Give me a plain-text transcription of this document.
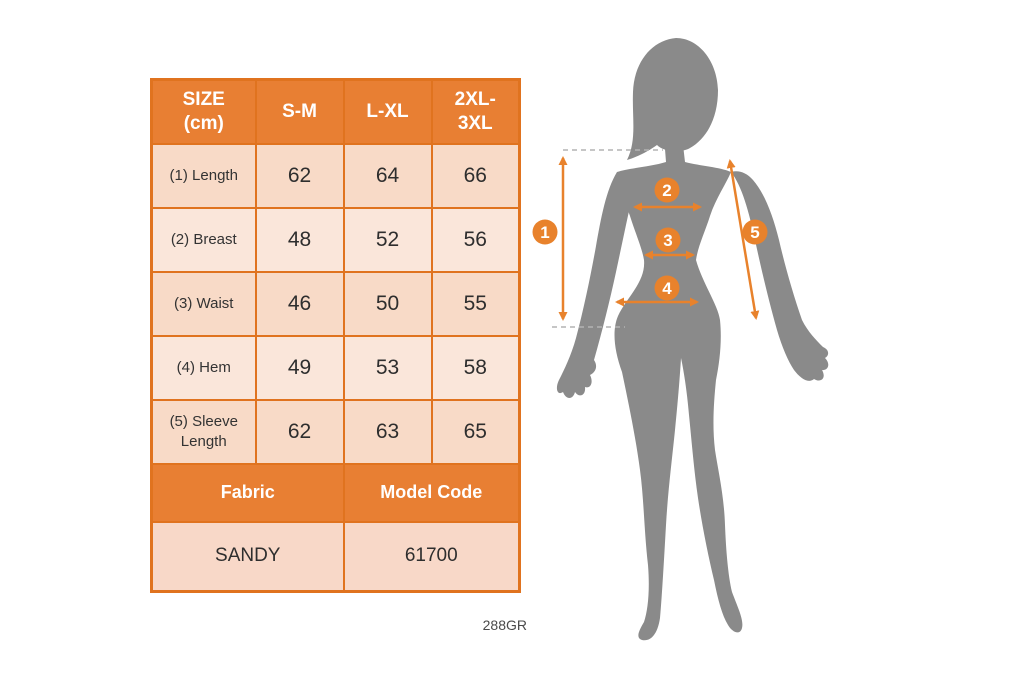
SIZE (cm)	S-M	L-XL	2XL-3XL
(1) Length	62	64	66
(2) Breast	48	52	56
(3) Waist	46	50	55
(4) Hem	49	53	58
(5) Sleeve Length	62	63	65
Fabric		Model Code	
SANDY		61700	
288GR
1
2
3
4
5
